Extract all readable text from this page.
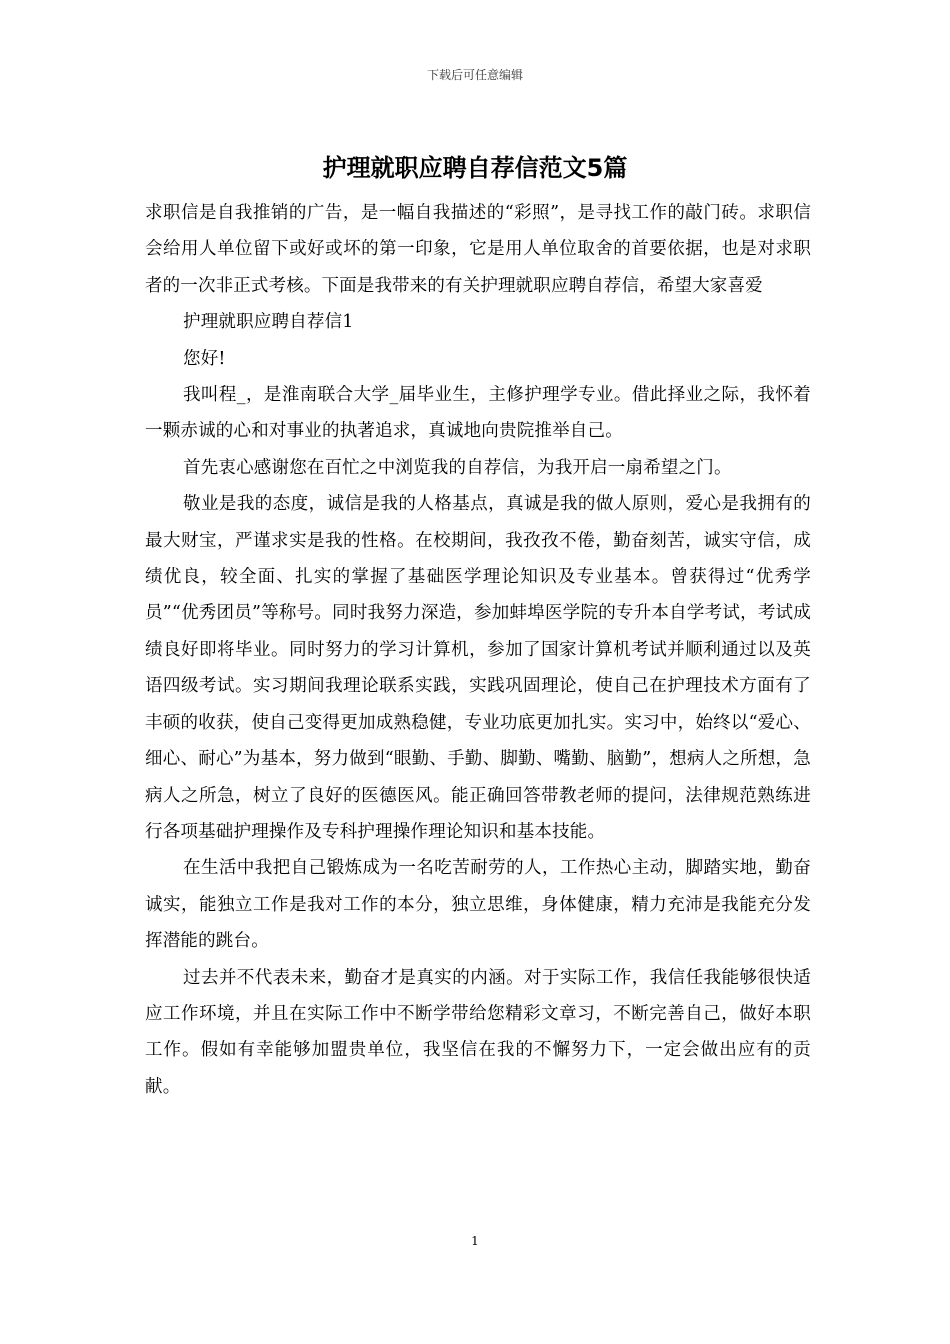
下载后可任意编辑
护理就职应聘自荐信范文5篇

求职信是自我推销的广告，是一幅自我描述的“彩照”，是寻找工作的敲门砖。求职信会给用人单位留下或好或坏的第一印象，它是用人单位取舍的首要依据，也是对求职者的一次非正式考核。下面是我带来的有关护理就职应聘自荐信，希望大家喜爱

护理就职应聘自荐信1

您好!

我叫程_，是淮南联合大学_届毕业生，主修护理学专业。借此择业之际，我怀着一颗赤诚的心和对事业的执著追求，真诚地向贵院推举自己。

首先衷心感谢您在百忙之中浏览我的自荐信，为我开启一扇希望之门。

敬业是我的态度，诚信是我的人格基点，真诚是我的做人原则，爱心是我拥有的最大财宝，严谨求实是我的性格。在校期间，我孜孜不倦，勤奋刻苦，诚实守信，成绩优良，较全面、扎实的掌握了基础医学理论知识及专业基本。曾获得过“优秀学员”“优秀团员”等称号。同时我努力深造，参加蚌埠医学院的专升本自学考试，考试成绩良好即将毕业。同时努力的学习计算机，参加了国家计算机考试并顺利通过以及英语四级考试。实习期间我理论联系实践，实践巩固理论，使自己在护理技术方面有了丰硕的收获，使自己变得更加成熟稳健，专业功底更加扎实。实习中，始终以“爱心、细心、耐心”为基本，努力做到“眼勤、手勤、脚勤、嘴勤、脑勤”，想病人之所想，急病人之所急，树立了良好的医德医风。能正确回答带教老师的提问，法律规范熟练进行各项基础护理操作及专科护理操作理论知识和基本技能。

在生活中我把自己锻炼成为一名吃苦耐劳的人，工作热心主动，脚踏实地，勤奋诚实，能独立工作是我对工作的本分，独立思维，身体健康，精力充沛是我能充分发挥潜能的跳台。

过去并不代表未来，勤奋才是真实的内涵。对于实际工作，我信任我能够很快适应工作环境，并且在实际工作中不断学带给您精彩文章习，不断完善自己，做好本职工作。假如有幸能够加盟贵单位，我坚信在我的不懈努力下，一定会做出应有的贡献。

1
